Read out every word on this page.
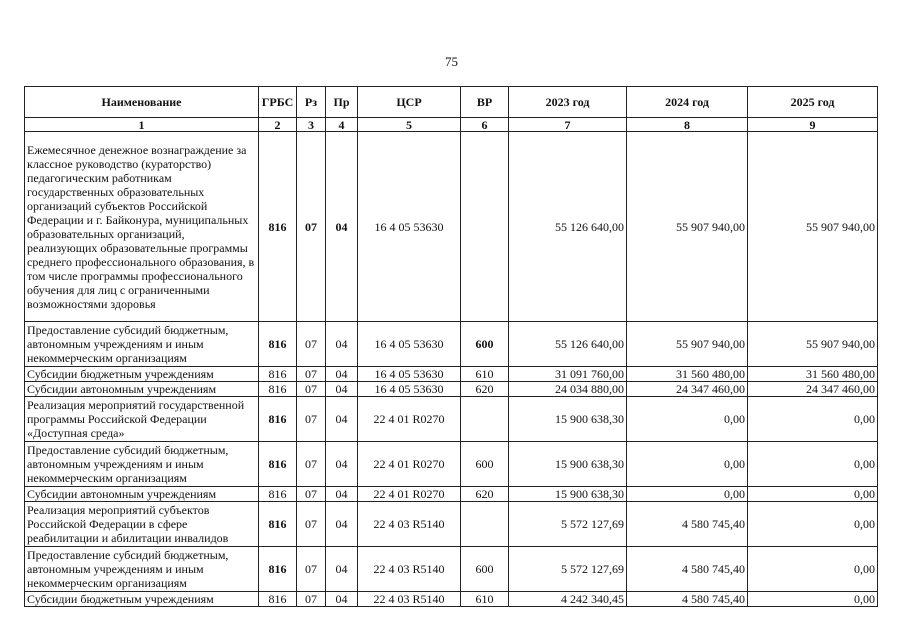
75
Наименование	ГРБС	Рз	Пр	ЦСР	ВР	2023 год	2024 год	2025 год
1	2	3	4	5	6	7	8	9
Ежемесячное денежное вознаграждение за классное руководство (кураторство) педагогическим работникам государственных образовательных организаций субъектов Российской Федерации и г. Байконура, муниципальных образовательных организаций, реализующих образовательные программы среднего профессионального образования, в том числе программы профессионального обучения для лиц с ограниченными возможностями здоровья	816	07	04	16 4 05 53630		55 126 640,00	55 907 940,00	55 907 940,00
Предоставление субсидий бюджетным, автономным учреждениям и иным некоммерческим организациям	816	07	04	16 4 05 53630	600	55 126 640,00	55 907 940,00	55 907 940,00
Субсидии бюджетным учреждениям	816	07	04	16 4 05 53630	610	31 091 760,00	31 560 480,00	31 560 480,00
Субсидии автономным учреждениям	816	07	04	16 4 05 53630	620	24 034 880,00	24 347 460,00	24 347 460,00
Реализация мероприятий государственной программы Российской Федерации «Доступная среда»	816	07	04	22 4 01 R0270		15 900 638,30	0,00	0,00
Предоставление субсидий бюджетным, автономным учреждениям и иным некоммерческим организациям	816	07	04	22 4 01 R0270	600	15 900 638,30	0,00	0,00
Субсидии автономным учреждениям	816	07	04	22 4 01 R0270	620	15 900 638,30	0,00	0,00
Реализация мероприятий субъектов Российской Федерации в сфере реабилитации и абилитации инвалидов	816	07	04	22 4 03 R5140		5 572 127,69	4 580 745,40	0,00
Предоставление субсидий бюджетным, автономным учреждениям и иным некоммерческим организациям	816	07	04	22 4 03 R5140	600	5 572 127,69	4 580 745,40	0,00
Субсидии бюджетным учреждениям	816	07	04	22 4 03 R5140	610	4 242 340,45	4 580 745,40	0,00
